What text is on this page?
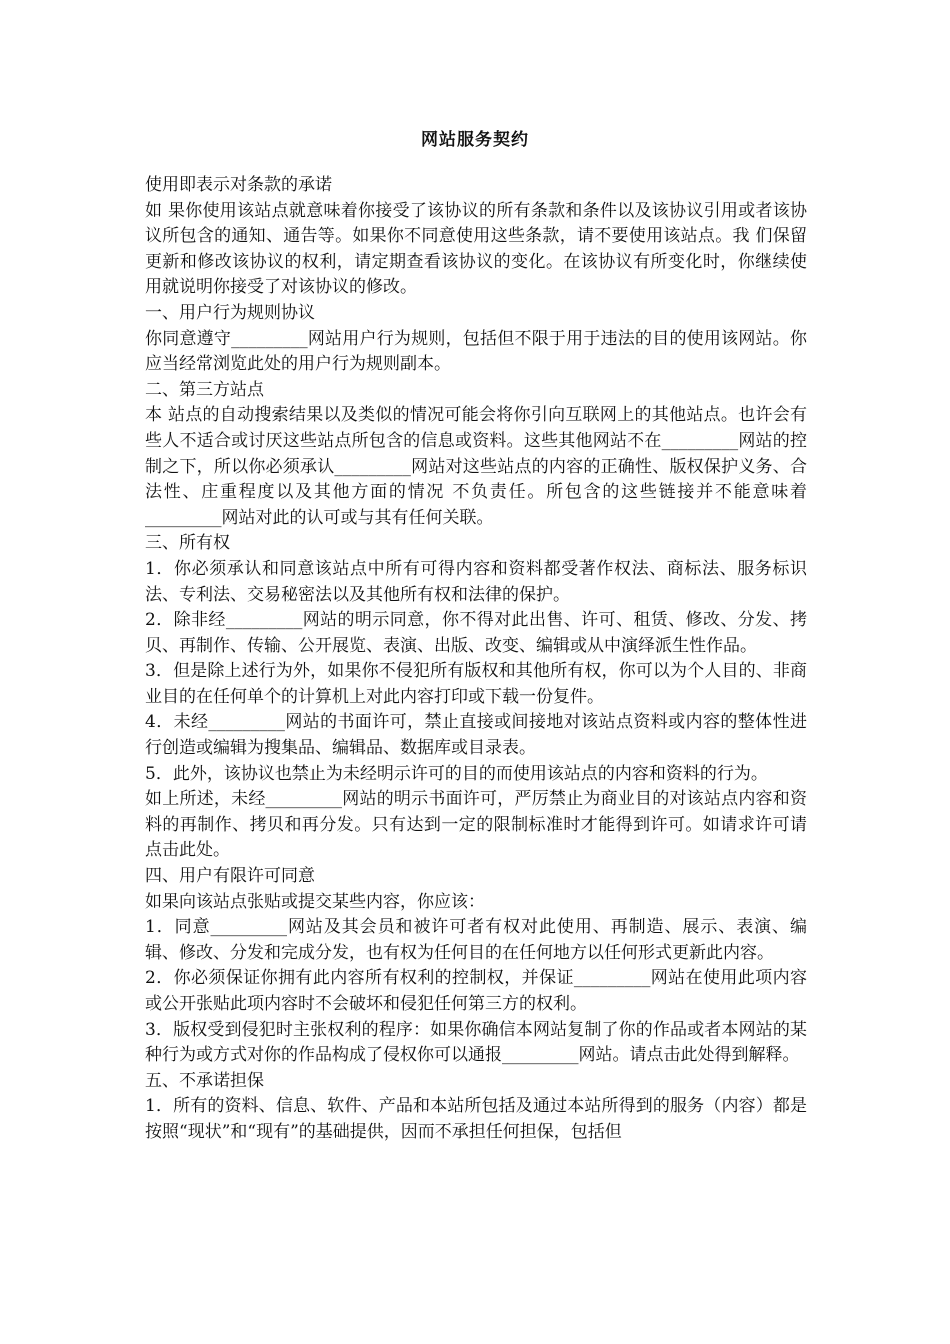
网站服务契约

使用即表示对条款的承诺

如 果你使用该站点就意味着你接受了该协议的所有条款和条件以及该协议引用或者该协议所包含的通知、通告等。如果你不同意使用这些条款，请不要使用该站点。我 们保留更新和修改该协议的权利，请定期查看该协议的变化。在该协议有所变化时，你继续使用就说明你接受了对该协议的修改。

一、用户行为规则协议

你同意遵守_________网站用户行为规则，包括但不限于用于违法的目的使用该网站。你应当经常浏览此处的用户行为规则副本。

二、第三方站点

本 站点的自动搜索结果以及类似的情况可能会将你引向互联网上的其他站点。也许会有些人不适合或讨厌这些站点所包含的信息或资料。这些其他网站不在_________网站的控制之下，所以你必须承认_________网站对这些站点的内容的正确性、版权保护义务、合法性、庄重程度以及其他方面的情况 不负责任。所包含的这些链接并不能意味着_________网站对此的认可或与其有任何关联。

三、所有权

1．你必须承认和同意该站点中所有可得内容和资料都受著作权法、商标法、服务标识法、专利法、交易秘密法以及其他所有权和法律的保护。

2．除非经_________网站的明示同意，你不得对此出售、许可、租赁、修改、分发、拷贝、再制作、传输、公开展览、表演、出版、改变、编辑或从中演绎派生性作品。

3．但是除上述行为外，如果你不侵犯所有版权和其他所有权，你可以为个人目的、非商业目的在任何单个的计算机上对此内容打印或下载一份复件。

4．未经_________网站的书面许可，禁止直接或间接地对该站点资料或内容的整体性进行创造或编辑为搜集品、编辑品、数据库或目录表。

5．此外，该协议也禁止为未经明示许可的目的而使用该站点的内容和资料的行为。

如上所述，未经_________网站的明示书面许可，严厉禁止为商业目的对该站点内容和资料的再制作、拷贝和再分发。只有达到一定的限制标准时才能得到许可。如请求许可请点击此处。

四、用户有限许可同意

如果向该站点张贴或提交某些内容，你应该：

1．同意_________网站及其会员和被许可者有权对此使用、再制造、展示、表演、编辑、修改、分发和完成分发，也有权为任何目的在任何地方以任何形式更新此内容。

2．你必须保证你拥有此内容所有权利的控制权，并保证_________网站在使用此项内容或公开张贴此项内容时不会破坏和侵犯任何第三方的权利。

3．版权受到侵犯时主张权利的程序：如果你确信本网站复制了你的作品或者本网站的某种行为或方式对你的作品构成了侵权你可以通报_________网站。请点击此处得到解释。

五、不承诺担保

1．所有的资料、信息、软件、产品和本站所包括及通过本站所得到的服务（内容）都是按照“现状”和“现有”的基础提供，因而不承担任何担保，包括但
